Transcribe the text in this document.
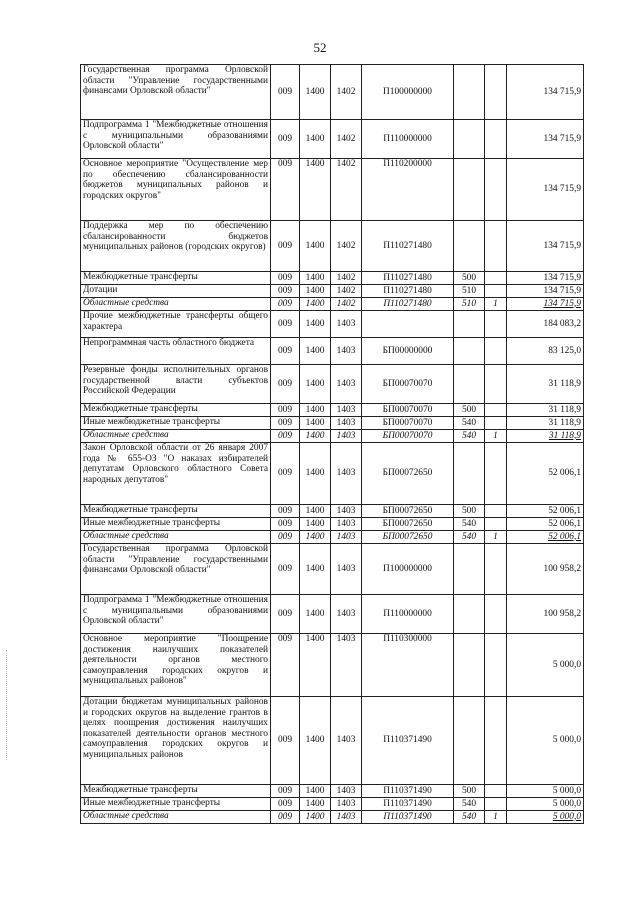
52
Государственная программа Орловской области "Управление государственными финансами Орловской области"	009	1400	1402	П100000000			134 715,9
Подпрограмма 1 "Межбюджетные отношения с муниципальными образованиями Орловской области"	009	1400	1402	П110000000			134 715,9
Основное мероприятие "Осуществление мер по обеспечению сбалансированности бюджетов муниципальных районов и городских округов"	009	1400	1402	П110200000			134 715,9
Поддержка мер по обеспечению сбалансированности бюджетов муниципальных районов (городских округов)	009	1400	1402	П110271480			134 715,9
Межбюджетные трансферты	009	1400	1402	П110271480	500		134 715,9
Дотации	009	1400	1402	П110271480	510		134 715,9
Областные средства	009	1400	1402	П110271480	510	1	134 715,9
Прочие межбюджетные трансферты общего характера	009	1400	1403				184 083,2
Непрограммная часть областного бюджета	009	1400	1403	БП00000000			83 125,0
Резервные фонды исполнительных органов государственной власти субъектов Российской Федерации	009	1400	1403	БП00070070			31 118,9
Межбюджетные трансферты	009	1400	1403	БП00070070	500		31 118,9
Иные межбюджетные трансферты	009	1400	1403	БП00070070	540		31 118,9
Областные средства	009	1400	1403	БП00070070	540	1	31 118,9
Закон Орловской области от 26 января 2007 года № 655-ОЗ "О наказах избирателей депутатам Орловского областного Совета народных депутатов"	009	1400	1403	БП00072650			52 006,1
Межбюджетные трансферты	009	1400	1403	БП00072650	500		52 006,1
Иные межбюджетные трансферты	009	1400	1403	БП00072650	540		52 006,1
Областные средства	009	1400	1403	БП00072650	540	1	52 006,1
Государственная программа Орловской области "Управление государственными финансами Орловской области"	009	1400	1403	П100000000			100 958,2
Подпрограмма 1 "Межбюджетные отношения с муниципальными образованиями Орловской области"	009	1400	1403	П110000000			100 958,2
Основное мероприятие "Поощрение достижения наилучших показателей деятельности органов местного самоуправления городских округов и муниципальных районов"	009	1400	1403	П110300000			5 000,0
Дотации бюджетам муниципальных районов и городских округов на выделение грантов в целях поощрения достижения наилучших показателей деятельности органов местного самоуправления городских округов и муниципальных районов	009	1400	1403	П110371490			5 000,0
Межбюджетные трансферты	009	1400	1403	П110371490	500		5 000,0
Иные межбюджетные трансферты	009	1400	1403	П110371490	540		5 000,0
Областные средства	009	1400	1403	П110371490	540	1	5 000,0
